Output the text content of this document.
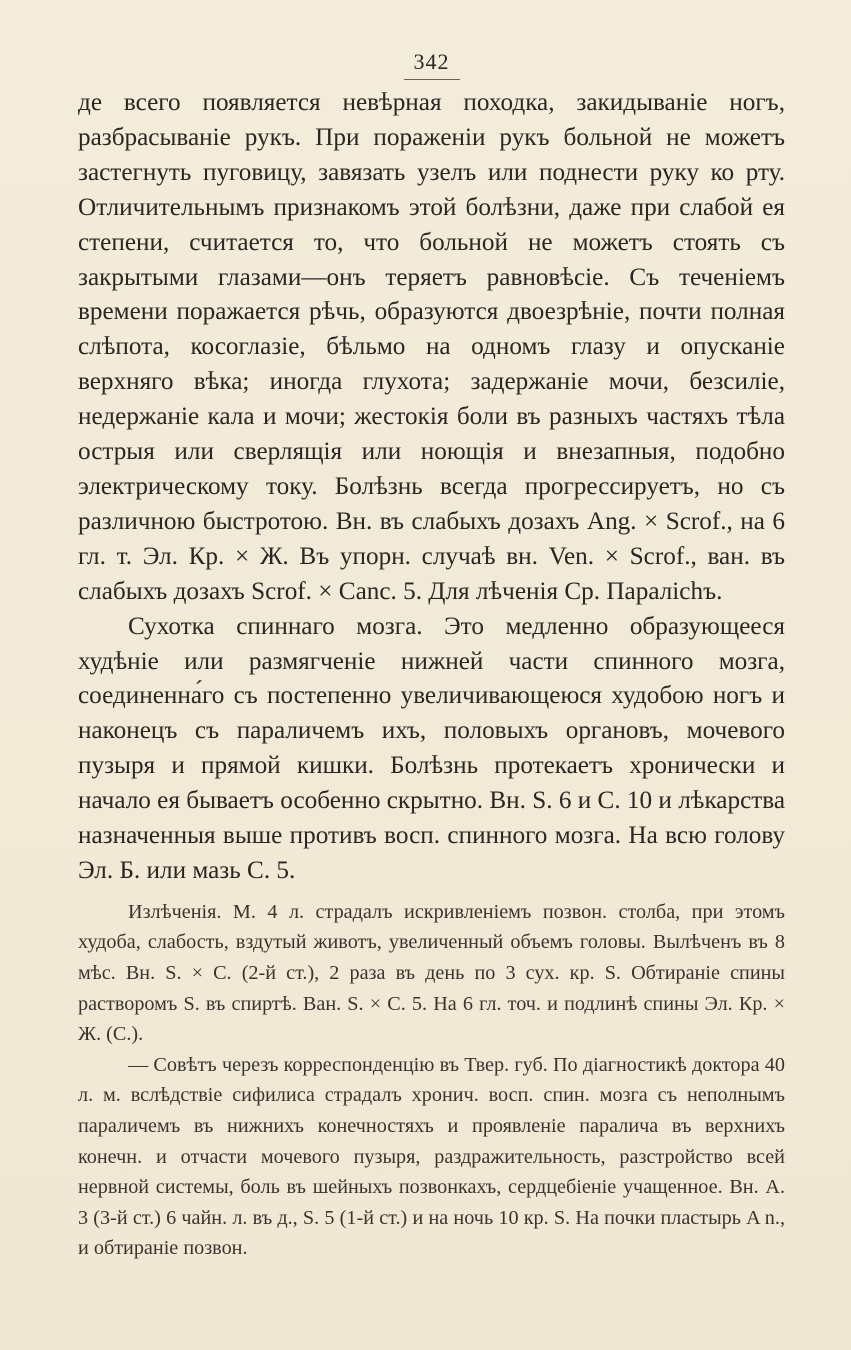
342

де всего появляется невѣрная походка, закидываніе ногъ, разбрасываніе рукъ. При пораженіи рукъ больной не можетъ застегнуть пуговицу, завязать узелъ или поднести руку ко рту. Отличительнымъ признакомъ этой болѣзни, даже при слабой ея степени, считается то, что больной не можетъ стоять съ закрытыми глазами—онъ теряетъ равновѣсіе. Съ теченіемъ времени поражается рѣчь, образуются двоезрѣніе, почти полная слѣпота, косоглазіе, бѣльмо на одномъ глазу и опусканіе верхняго вѣка; иногда глухота; задержаніе мочи, безсиліе, недержаніе кала и мочи; жестокія боли въ разныхъ частяхъ тѣла острыя или сверлящія или ноющія и внезапныя, подобно электрическому току. Болѣзнь всегда прогрессируетъ, но съ различною быстротою. Вн. въ слабыхъ дозахъ Ang. × Scrof., на 6 гл. т. Эл. Кр. × Ж. Въ упорн. случаѣ вн. Ven. × Scrof., ван. въ слабыхъ дозахъ Scrof. × Canc. 5. Для лѣченія Ср. Паралichъ.

Сухотка спиннаго мозга. Это медленно образующееся худѣніе или размягченіе нижней части спинного мозга, соединенна́го съ постепенно увеличивающеюся худобою ногъ и наконецъ съ параличемъ ихъ, половыхъ органовъ, мочевого пузыря и прямой кишки. Болѣзнь протекаетъ хронически и начало ея бываетъ особенно скрытно. Вн. S. 6 и C. 10 и лѣкарства назначенныя выше противъ восп. спинного мозга. На всю голову Эл. Б. или мазь C. 5.

Излѣченія. М. 4 л. страдалъ искривленіемъ позвон. столба, при этомъ худоба, слабость, вздутый животъ, увеличенный объемъ головы. Вылѣченъ въ 8 мѣс. Вн. S. × C. (2-й ст.), 2 раза въ день по 3 сух. кр. S. Обтираніе спины растворомъ S. въ спиртѣ. Ван. S. × C. 5. На 6 гл. точ. и подлинѣ спины Эл. Кр. × Ж. (С.).

— Совѣтъ черезъ корреспонденцію въ Твер. губ. По діагностикѣ доктора 40 л. м. вслѣдствіе сифилиса страдалъ хронич. восп. спин. мозга съ неполнымъ параличемъ въ нижнихъ конечностяхъ и проявленіе паралича въ верхнихъ конечн. и отчасти мочевого пузыря, раздражительность, разстройство всей нервной системы, боль въ шейныхъ позвонкахъ, сердцебіеніе учащенное. Вн. A. 3 (3-й ст.) 6 чайн. л. въ д., S. 5 (1-й ст.) и на ночь 10 кр. S. На почки пластырь A n., и обтираніе позвон.
